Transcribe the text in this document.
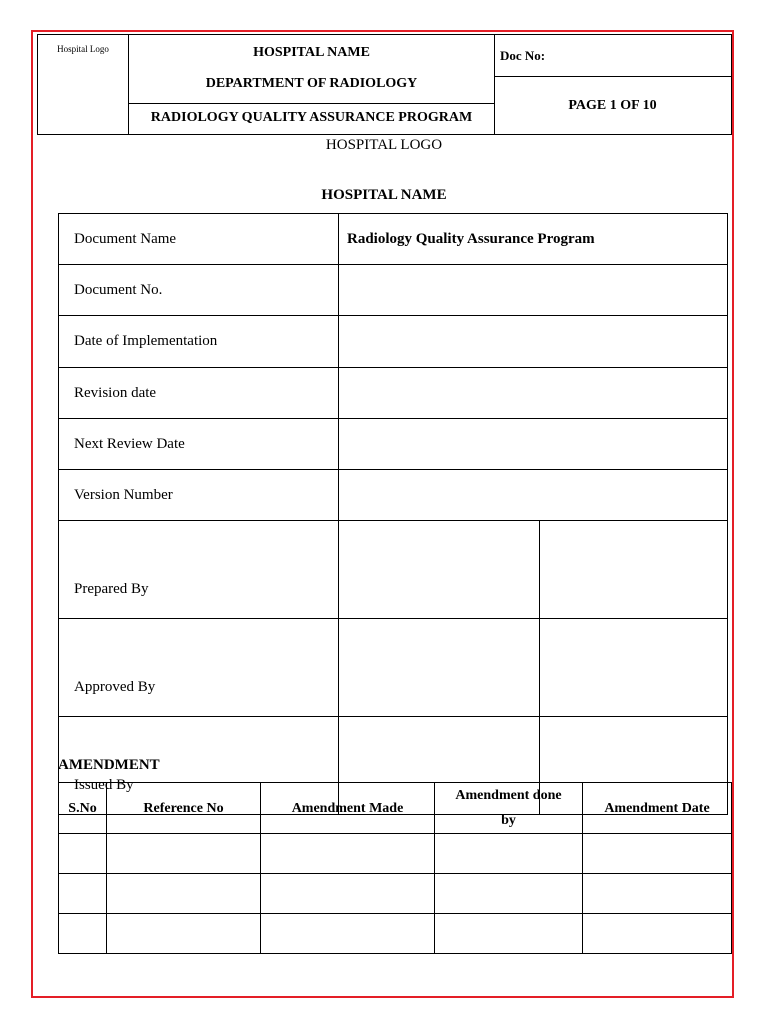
Hospital Logo	HOSPITAL NAME
DEPARTMENT OF RADIOLOGY
RADIOLOGY QUALITY ASSURANCE PROGRAM
Doc No:
PAGE 1 OF 10
HOSPITAL LOGO
HOSPITAL NAME
Document Name	Radiology Quality Assurance Program	
Document No.		
Date of Implementation		
Revision date		
Next Review Date		
Version Number		
Prepared By		
Approved By		
Issued By		
AMENDMENT
S.No	Reference No	Amendment Made	Amendment done by	Amendment Date
